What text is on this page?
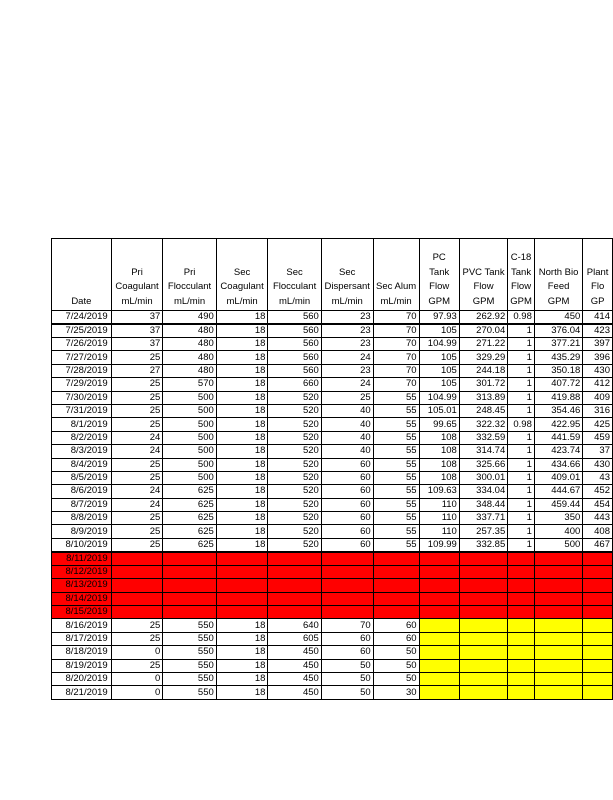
Date	Pri Coagulant mL/min	Pri Flocculant mL/min	Sec Coagulant mL/min	Sec Flocculant mL/min	Sec Dispersant mL/min	Sec Alum mL/min	PC Tank Flow GPM	PVC Tank Flow GPM	C-18 Tank Flow GPM	North Bio Feed GPM	Plant Flo GP
7/24/2019	37	490	18	560	23	70	97.93	262.92	0.98	450	414
7/25/2019	37	480	18	560	23	70	105	270.04	1	376.04	423
7/26/2019	37	480	18	560	23	70	104.99	271.22	1	377.21	397
7/27/2019	25	480	18	560	24	70	105	329.29	1	435.29	396
7/28/2019	27	480	18	560	23	70	105	244.18	1	350.18	430
7/29/2019	25	570	18	660	24	70	105	301.72	1	407.72	412
7/30/2019	25	500	18	520	25	55	104.99	313.89	1	419.88	409
7/31/2019	25	500	18	520	40	55	105.01	248.45	1	354.46	316
8/1/2019	25	500	18	520	40	55	99.65	322.32	0.98	422.95	425
8/2/2019	24	500	18	520	40	55	108	332.59	1	441.59	459
8/3/2019	24	500	18	520	40	55	108	314.74	1	423.74	37
8/4/2019	25	500	18	520	60	55	108	325.66	1	434.66	430
8/5/2019	25	500	18	520	60	55	108	300.01	1	409.01	43
8/6/2019	24	625	18	520	60	55	109.63	334.04	1	444.67	452
8/7/2019	24	625	18	520	60	55	110	348.44	1	459.44	454
8/8/2019	25	625	18	520	60	55	110	337.71	1	350	443
8/9/2019	25	625	18	520	60	55	110	257.35	1	400	408
8/10/2019	25	625	18	520	60	55	109.99	332.85	1	500	467
8/11/2019											
8/12/2019											
8/13/2019											
8/14/2019											
8/15/2019											
8/16/2019	25	550	18	640	70	60					
8/17/2019	25	550	18	605	60	60					
8/18/2019	0	550	18	450	60	50					
8/19/2019	25	550	18	450	50	50					
8/20/2019	0	550	18	450	50	50					
8/21/2019	0	550	18	450	50	30					
